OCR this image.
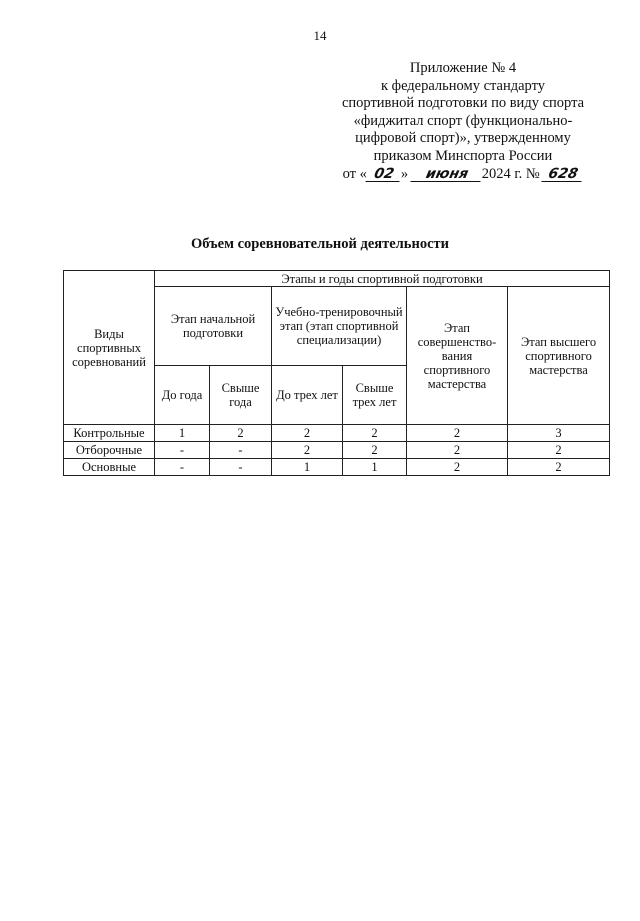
14
Приложение № 4
к федеральному стандарту
спортивной подготовки по виду спорта
«фиджитал спорт (функционально-
цифровой спорт)», утвержденному
приказом Минспорта России
от « 02 » июня 2024 г. № 628
Объем соревновательной деятельности
Виды спортивных соревнований	Этапы и годы спортивной подготовки					
	Этап начальной подготовки		Учебно-тренировочный этап (этап спортивной специализации)		Этап совершенство-вания спортивного мастерства	Этап высшего спортивного мастерства
	До года	Свыше года	До трех лет	Свыше трех лет		
Контрольные	1	2	2	2	2	3
Отборочные	-	-	2	2	2	2
Основные	-	-	1	1	2	2
